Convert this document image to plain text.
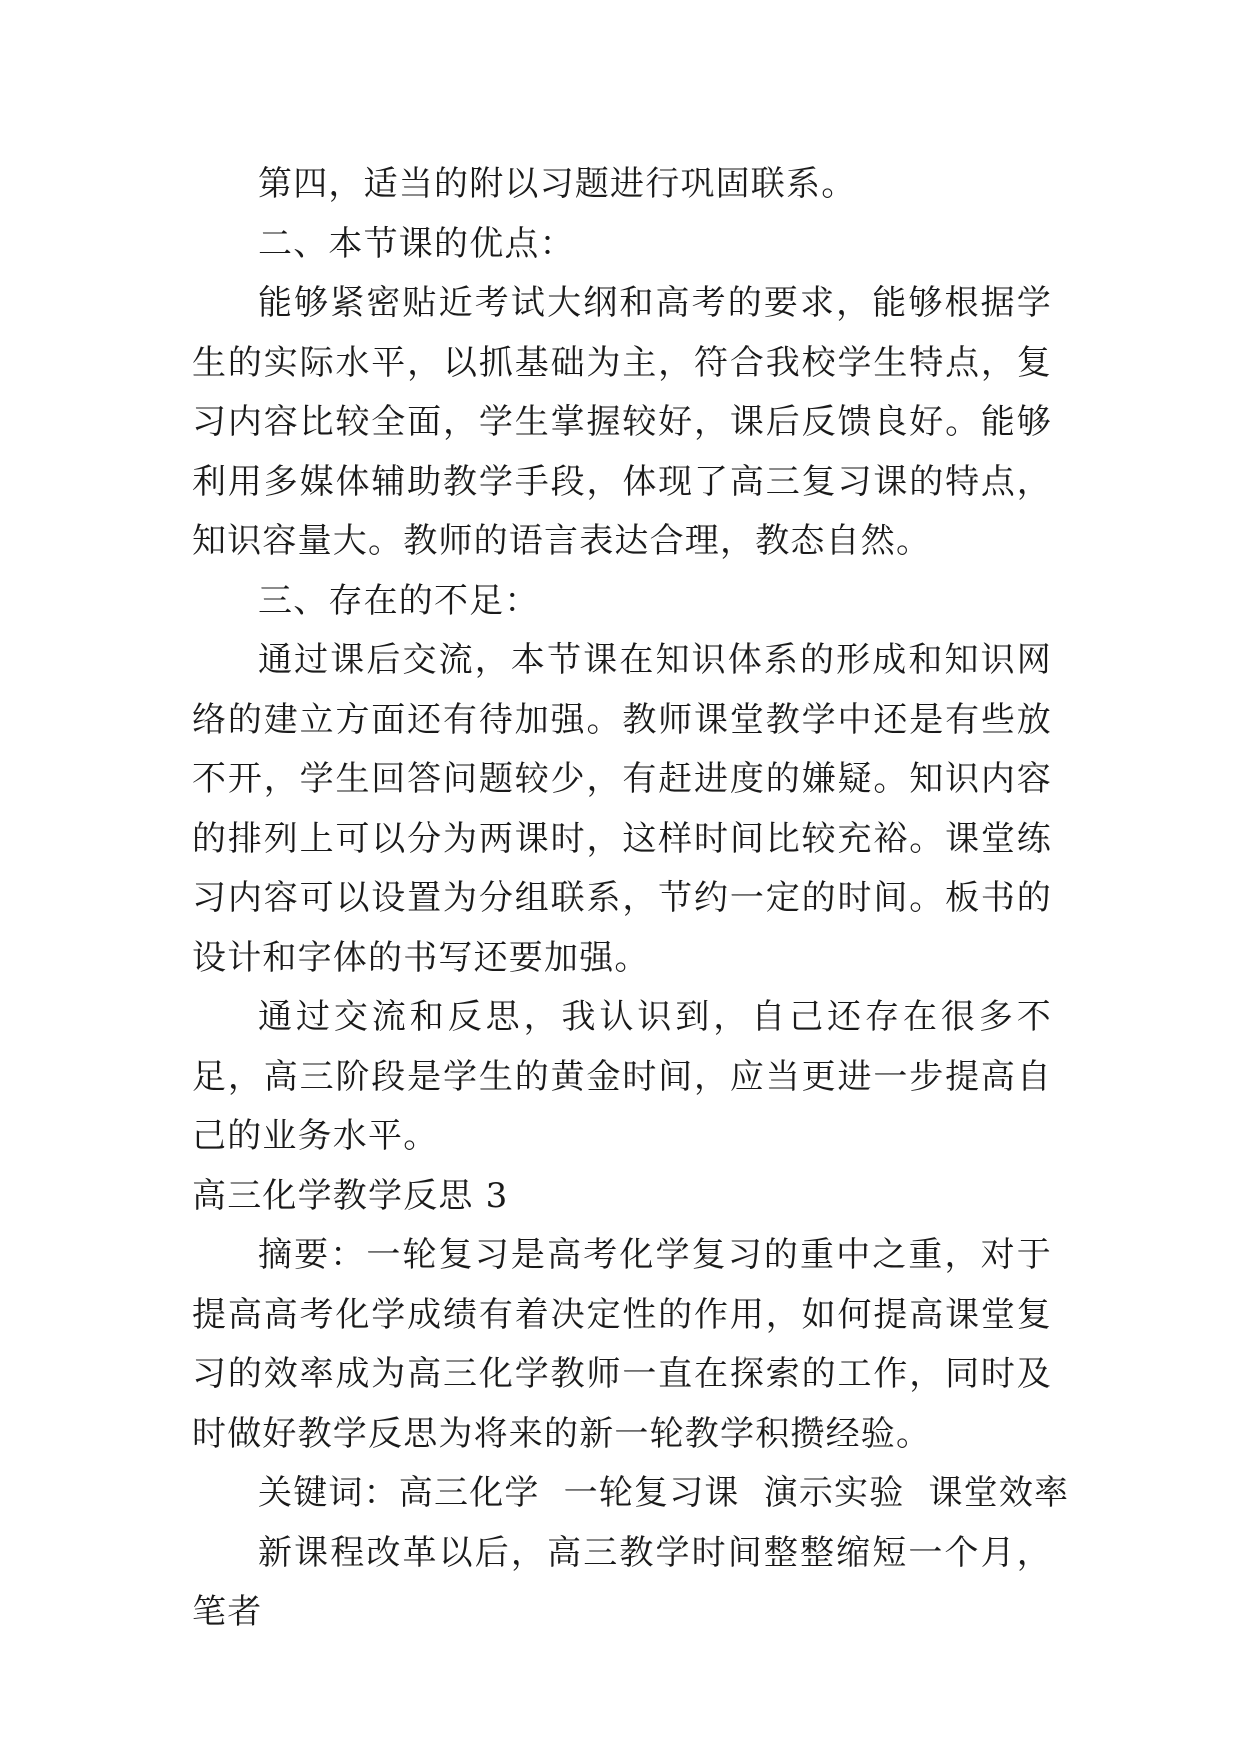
第四，适当的附以习题进行巩固联系。

二、本节课的优点：

能够紧密贴近考试大纲和高考的要求，能够根据学生的实际水平，以抓基础为主，符合我校学生特点，复习内容比较全面，学生掌握较好，课后反馈良好。能够利用多媒体辅助教学手段，体现了高三复习课的特点，知识容量大。教师的语言表达合理，教态自然。

三、存在的不足：

通过课后交流，本节课在知识体系的形成和知识网络的建立方面还有待加强。教师课堂教学中还是有些放不开，学生回答问题较少，有赶进度的嫌疑。知识内容的排列上可以分为两课时，这样时间比较充裕。课堂练习内容可以设置为分组联系，节约一定的时间。板书的设计和字体的书写还要加强。

通过交流和反思，我认识到，自己还存在很多不足，高三阶段是学生的黄金时间，应当更进一步提高自己的业务水平。

高三化学教学反思 3

摘要：一轮复习是高考化学复习的重中之重，对于提高高考化学成绩有着决定性的作用，如何提高课堂复习的效率成为高三化学教师一直在探索的工作，同时及时做好教学反思为将来的新一轮教学积攒经验。

关键词：高三化学  一轮复习课  演示实验  课堂效率

新课程改革以后，高三教学时间整整缩短一个月，笔者
